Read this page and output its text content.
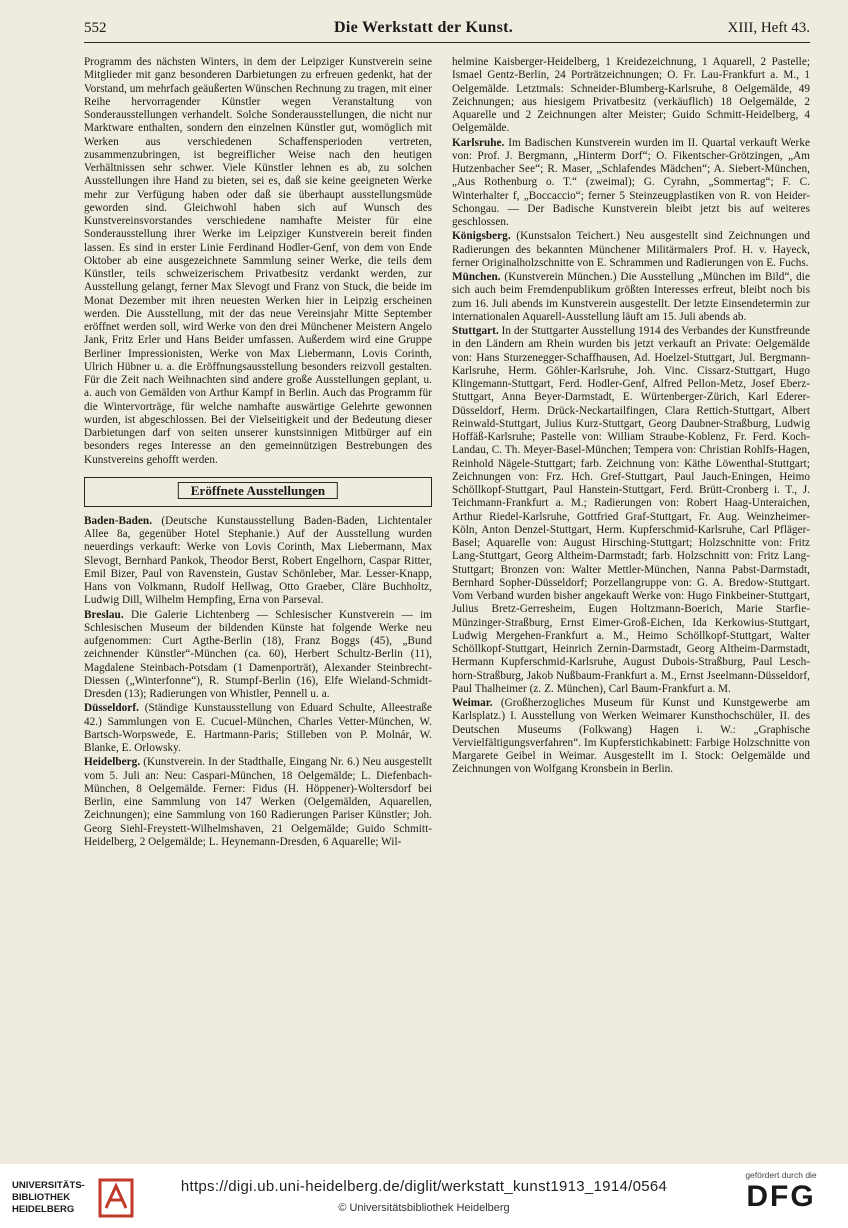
552	Die Werkstatt der Kunst.	XIII, Heft 43.

Programm des nächsten Winters, in dem der Leipziger Kunstverein seine Mitglieder mit ganz besonderen Darbietungen zu erfreuen gedenkt, hat der Vorstand, um mehrfach geäußerten Wünschen Rechnung zu tragen, mit einer Reihe hervorragender Künstler wegen Veranstaltung von Sonderausstellungen verhandelt. Solche Sonderausstellungen, die nicht nur Marktware enthalten, sondern den einzelnen Künstler gut, womöglich mit Werken aus verschiedenen Schaffensperioden vertreten, zusammenzubringen, ist begreiflicher Weise nach den heutigen Verhältnissen sehr schwer. Viele Künstler lehnen es ab, zu solchen Ausstellungen ihre Hand zu bieten, sei es, daß sie keine geeigneten Werke mehr zur Verfügung haben oder daß sie überhaupt ausstellungsmüde geworden sind. Gleichwohl haben sich auf Wunsch des Kunstvereinsvorstandes verschiedene namhafte Meister für eine Sonderausstellung ihrer Werke im Leipziger Kunstverein bereit finden lassen. Es sind in erster Linie Ferdinand Hodler-Genf, von dem von Ende Oktober ab eine ausgezeichnete Sammlung seiner Werke, die teils dem Künstler, teils schweizerischem Privatbesitz verdankt werden, zur Ausstellung gelangt, ferner Max Slevogt und Franz von Stuck, die beide im Monat Dezember mit ihren neuesten Werken hier in Leipzig erscheinen werden. Die Ausstellung, mit der das neue Vereinsjahr Mitte September eröffnet werden soll, wird Werke von den drei Münchener Meistern Angelo Jank, Fritz Erler und Hans Beider umfassen. Außerdem wird eine Gruppe Berliner Impressionisten, Werke von Max Liebermann, Lovis Corinth, Ulrich Hübner u. a. die Eröffnungsausstellung besonders reizvoll gestalten. Für die Zeit nach Weihnachten sind andere große Ausstellungen geplant, u. a. auch von Gemälden von Arthur Kampf in Berlin. Auch das Programm für die Wintervorträge, für welche namhafte auswärtige Gelehrte gewonnen wurden, ist abgeschlossen. Bei der Vielseitigkeit und der Bedeutung dieser Darbietungen darf von seiten unserer kunstsinnigen Mitbürger auf ein besonders reges Interesse an den gemeinnützigen Bestrebungen des Kunstvereins gehofft werden.

Eröffnete Ausstellungen

Baden-Baden. (Deutsche Kunstausstellung Baden-Baden, Lichtentaler Allee 8a, gegenüber Hotel Stephanie.) Auf der Ausstellung wurden neuerdings verkauft: Werke von Lovis Corinth, Max Liebermann, Max Slevogt, Bernhard Pankok, Theodor Berst, Robert Engelhorn, Caspar Ritter, Emil Bizer, Paul von Ravenstein, Gustav Schönleber, Mar. Lesser-Knapp, Hans von Volkmann, Rudolf Hellwag, Otto Graeber, Cläre Buchholtz, Ludwig Dill, Wilhelm Hempfing, Erna von Parseval.

Breslau. Die Galerie Lichtenberg — Schlesischer Kunstverein — im Schlesischen Museum der bildenden Künste hat folgende Werke neu aufgenommen: Curt Agthe-Berlin (18), Franz Boggs (45), „Bund zeichnender Künstler“-München (ca. 60), Herbert Schultz-Berlin (11), Magdalene Steinbach-Potsdam (1 Damenporträt), Alexander Steinbrecht-Diessen („Winterfonne“), R. Stumpf-Berlin (16), Elfe Wieland-Schmidt-Dresden (13); Radierungen von Whistler, Pennell u. a.

Düsseldorf. (Ständige Kunstausstellung von Eduard Schulte, Alleestraße 42.) Sammlungen von E. Cucuel-München, Charles Vetter-München, W. Bartsch-Worpswede, E. Hartmann-Paris; Stilleben von P. Molnár, W. Blanke, E. Orlowsky.

Heidelberg. (Kunstverein. In der Stadthalle, Eingang Nr. 6.) Neu ausgestellt vom 5. Juli an: Neu: Caspari-München, 18 Oelgemälde; L. Diefenbach-München, 8 Oelgemälde. Ferner: Fidus (H. Höppener)-Woltersdorf bei Berlin, eine Sammlung von 147 Werken (Oelgemälden, Aquarellen, Zeichnungen); eine Sammlung von 160 Radierungen Pariser Künstler; Joh. Georg Siehl-Freystett-Wilhelmshaven, 21 Oelgemälde; Guido Schmitt-Heidelberg, 2 Oelgemälde; L. Heynemann-Dresden, 6 Aquarelle; Wil-

helmine Kaisberger-Heidelberg, 1 Kreidezeichnung, 1 Aquarell, 2 Pastelle; Ismael Gentz-Berlin, 24 Porträtzeichnungen; O. Fr. Lau-Frankfurt a. M., 1 Oelgemälde. Letztmals: Schneider-Blumberg-Karlsruhe, 8 Oelgemälde, 49 Zeichnungen; aus hiesigem Privatbesitz (verkäuflich) 18 Oelgemälde, 2 Aquarelle und 2 Zeichnungen alter Meister; Guido Schmitt-Heidelberg, 4 Oelgemälde.

Karlsruhe. Im Badischen Kunstverein wurden im II. Quartal verkauft Werke von: Prof. J. Bergmann, „Hinterm Dorf“; O. Fikentscher-Grötzingen, „Am Hutzenbacher See“; R. Maser, „Schlafendes Mädchen“; A. Siebert-München, „Aus Rothenburg o. T.“ (zweimal); G. Cyrahn, „Sommertag“; F. C. Winterhalter f, „Boccaccio“; ferner 5 Steinzeugplastiken von R. von Heider-Schongau. — Der Badische Kunstverein bleibt jetzt bis auf weiteres geschlossen.

Königsberg. (Kunstsalon Teichert.) Neu ausgestellt sind Zeichnungen und Radierungen des bekannten Münchener Militärmalers Prof. H. v. Hayeck, ferner Originalholzschnitte von E. Schrammen und Radierungen von E. Fuchs.

München. (Kunstverein München.) Die Ausstellung „München im Bild“, die sich auch beim Fremdenpublikum größten Interesses erfreut, bleibt noch bis zum 16. Juli abends im Kunstverein ausgestellt. Der letzte Einsendetermin zur internationalen Aquarell-Ausstellung läuft am 15. Juli abends ab.

Stuttgart. In der Stuttgarter Ausstellung 1914 des Verbandes der Kunstfreunde in den Ländern am Rhein wurden bis jetzt verkauft an Private: Oelgemälde von: Hans Sturzenegger-Schaffhausen, Ad. Hoelzel-Stuttgart, Jul. Bergmann-Karlsruhe, Herm. Göhler-Karlsruhe, Joh. Vinc. Cissarz-Stuttgart, Hugo Klingemann-Stuttgart, Ferd. Hodler-Genf, Alfred Pellon-Metz, Josef Eberz-Stuttgart, Anna Beyer-Darmstadt, E. Würtenberger-Zürich, Karl Ederer-Düsseldorf, Herm. Drück-Neckartailfingen, Clara Rettich-Stuttgart, Albert Reinwald-Stuttgart, Julius Kurz-Stuttgart, Georg Daubner-Straßburg, Ludwig Hoffäß-Karlsruhe; Pastelle von: William Straube-Koblenz, Fr. Ferd. Koch-Landau, C. Th. Meyer-Basel-München; Tempera von: Christian Rohlfs-Hagen, Reinhold Nägele-Stuttgart; farb. Zeichnung von: Käthe Löwenthal-Stuttgart; Zeichnungen von: Frz. Hch. Gref-Stuttgart, Paul Jauch-Eningen, Heimo Schöllkopf-Stuttgart, Paul Hanstein-Stuttgart, Ferd. Brütt-Cronberg i. T., J. Teichmann-Frankfurt a. M.; Radierungen von: Robert Haag-Unteraichen, Arthur Riedel-Karlsruhe, Gottfried Graf-Stuttgart, Fr. Aug. Weinzheimer-Köln, Anton Denzel-Stuttgart, Herm. Kupferschmid-Karlsruhe, Carl Pfläger-Basel; Aquarelle von: August Hirsching-Stuttgart; Holzschnitte von: Fritz Lang-Stuttgart, Georg Altheim-Darmstadt; farb. Holzschnitt von: Fritz Lang-Stuttgart; Bronzen von: Walter Mettler-München, Nanna Pabst-Darmstadt, Bernhard Sopher-Düsseldorf; Porzellangruppe von: G. A. Bredow-Stuttgart. Vom Verband wurden bisher angekauft Werke von: Hugo Finkbeiner-Stuttgart, Julius Bretz-Gerresheim, Eugen Holtzmann-Boerich, Marie Starfie-Münzinger-Straßburg, Ernst Eimer-Groß-Eichen, Ida Kerkowius-Stuttgart, Ludwig Mergehen-Frankfurt a. M., Heimo Schöllkopf-Stuttgart, Walter Schöllkopf-Stuttgart, Heinrich Zernin-Darmstadt, Georg Altheim-Darmstadt, Hermann Kupferschmid-Karlsruhe, August Dubois-Straßburg, Paul Lesch-horn-Straßburg, Jakob Nußbaum-Frankfurt a. M., Ernst Jseelmann-Düsseldorf, Paul Thalheimer (z. Z. München), Carl Baum-Frankfurt a. M.

Weimar. (Großherzogliches Museum für Kunst und Kunstgewerbe am Karlsplatz.) I. Ausstellung von Werken Weimarer Kunsthochschüler, II. des Deutschen Museums (Folkwang) Hagen i. W.: „Graphische Vervielfältigungsverfahren“. Im Kupferstichkabinett: Farbige Holzschnitte von Margarete Geibel in Weimar. Ausgestellt im I. Stock: Oelgemälde und Zeichnungen von Wolfgang Kronsbein in Berlin.

UNIVERSITÄTS-
BIBLIOTHEK
HEIDELBERG
https://digi.ub.uni-heidelberg.de/diglit/werkstatt_kunst1913_1914/0564
© Universitätsbibliothek Heidelberg
gefördert durch die
DFG
